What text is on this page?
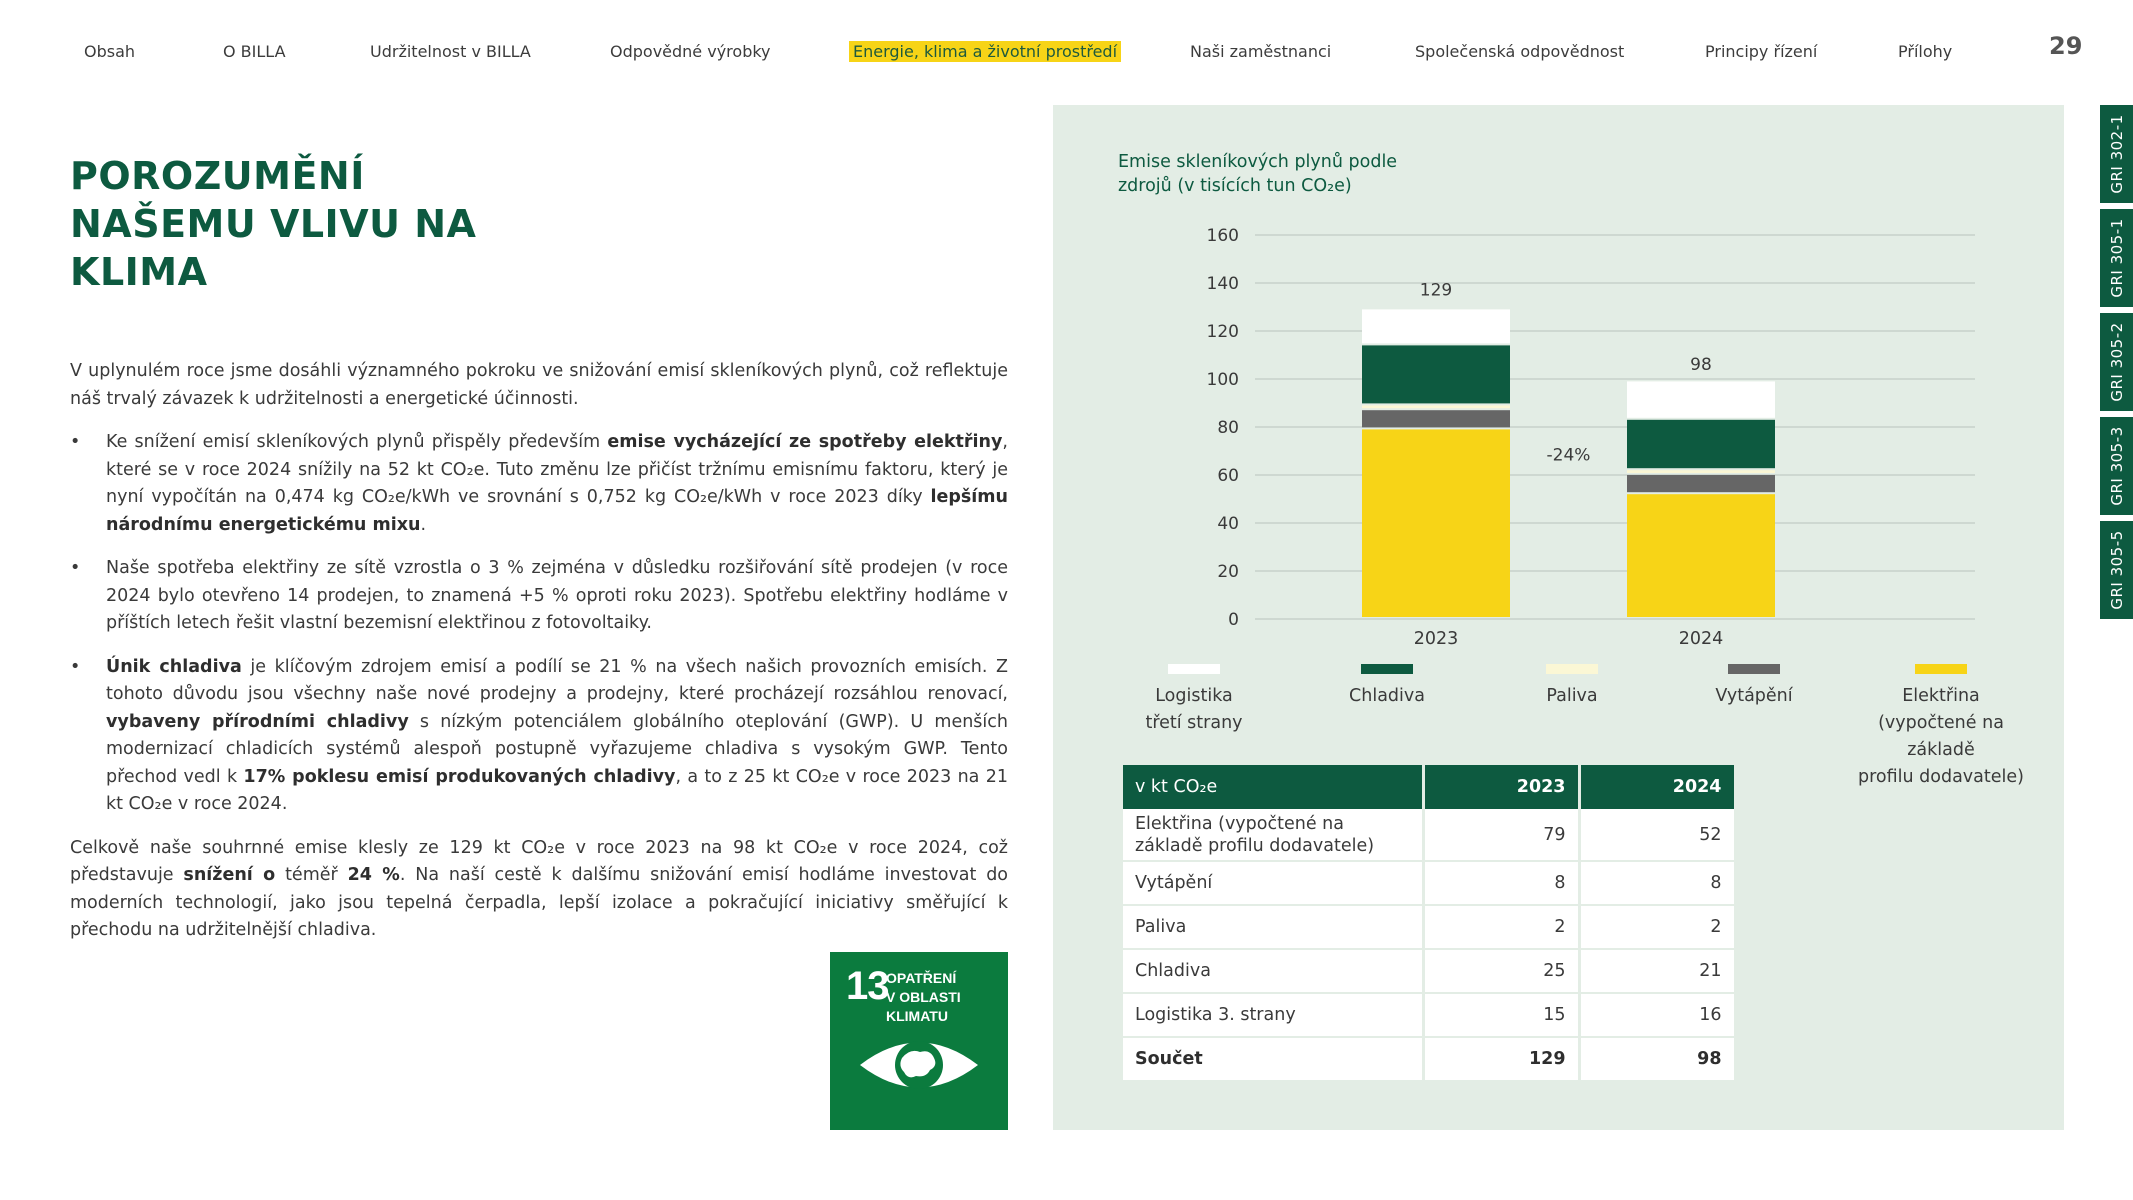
Obsah	O BILLA	Udržitelnost v BILLA	Odpovědné výrobky	Energie, klima a životní prostředí	Naši zaměstnanci	Společenská odpovědnost	Principy řízení	Přílohy	29
GRI 302-1
GRI 305-1
GRI 305-2
GRI 305-3
GRI 305-5
POROZUMĚNÍ
NAŠEMU VLIVU NA
KLIMA

V uplynulém roce jsme dosáhli významného pokroku ve snižování emisí skleníkových plynů, což reflektuje náš trvalý závazek k udržitelnosti a energetické účinnosti.

• Ke snížení emisí skleníkových plynů přispěly především emise vycházející ze spotřeby elektřiny, které se v roce 2024 snížily na 52 kt CO₂e. Tuto změnu lze přičíst tržnímu emisnímu faktoru, který je nyní vypočítán na 0,474 kg CO₂e/kWh ve srovnání s 0,752 kg CO₂e/kWh v roce 2023 díky lepšímu národnímu energetickému mixu.
• Naše spotřeba elektřiny ze sítě vzrostla o 3 % zejména v důsledku rozšiřování sítě prodejen (v roce 2024 bylo otevřeno 14 prodejen, to znamená +5 % oproti roku 2023). Spotřebu elektřiny hodláme v příštích letech řešit vlastní bezemisní elektřinou z fotovoltaiky.
• Únik chladiva je klíčovým zdrojem emisí a podílí se 21 % na všech našich provozních emisích. Z tohoto důvodu jsou všechny naše nové prodejny a prodejny, které procházejí rozsáhlou renovací, vybaveny přírodními chladivy s nízkým potenciálem globálního oteplování (GWP). U menších modernizací chladicích systémů alespoň postupně vyřazujeme chladiva s vysokým GWP. Tento přechod vedl k 17% poklesu emisí produkovaných chladivy, a to z 25 kt CO₂e v roce 2023 na 21 kt CO₂e v roce 2024.

Celkově naše souhrnné emise klesly ze 129 kt CO₂e v roce 2023 na 98 kt CO₂e v roce 2024, což představuje snížení o téměř 24 %. Na naší cestě k dalšímu snižování emisí hodláme investovat do moderních technologií, jako jsou tepelná čerpadla, lepší izolace a pokračující iniciativy směřující k přechodu na udržitelnější chladiva.

13
OPATŘENÍ
V OBLASTI
KLIMATU
Emise skleníkových plynů podle
zdrojů (v tisících tun CO₂e)
0
20
40
60
80
100
120
140
160
129
2023
98
2024
-24%
Logistika
třetí strany
Chladiva	Paliva	Vytápění	Elektřina
(vypočtené na základě
profilu dodavatele)
v kt CO₂e	2023	2024
Elektřina (vypočtené na základě profilu dodavatele)	79	52
Vytápění	8	8
Paliva	2	2
Chladiva	25	21
Logistika 3. strany	15	16
Součet	129	98
